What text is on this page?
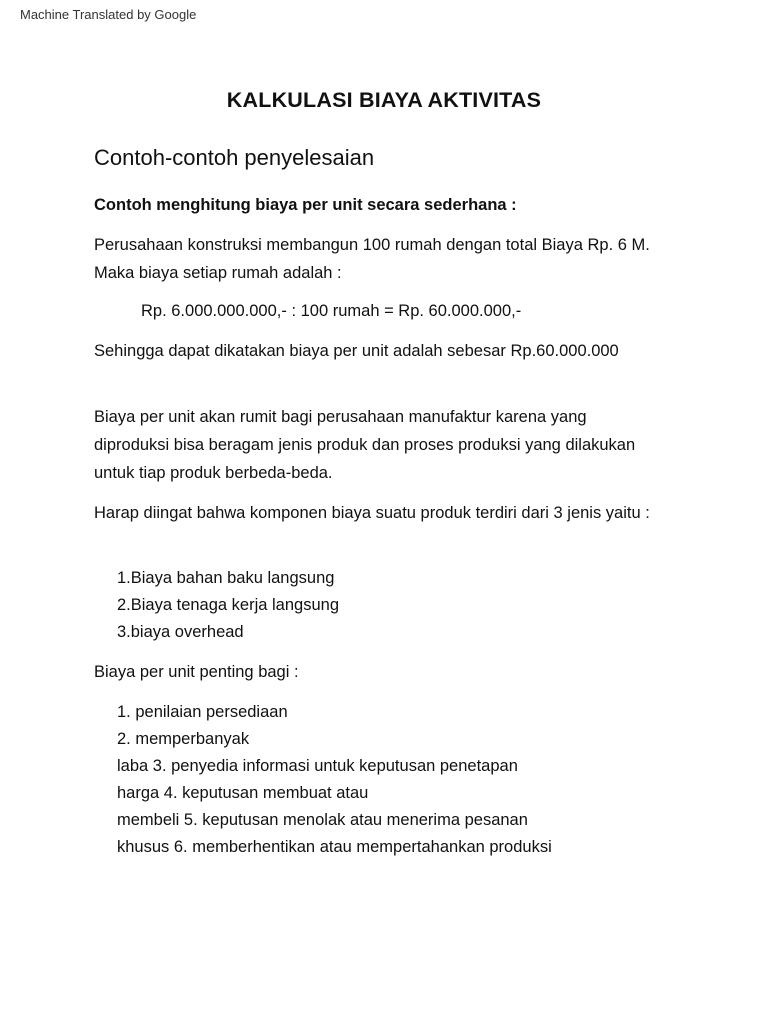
Machine Translated by Google
KALKULASI BIAYA AKTIVITAS
Contoh-contoh penyelesaian
Contoh menghitung biaya per unit secara sederhana :

Perusahaan konstruksi membangun 100 rumah dengan total Biaya Rp. 6 M. Maka biaya setiap rumah adalah :

Rp. 6.000.000.000,- : 100 rumah = Rp. 60.000.000,-
Sehingga dapat dikatakan biaya per unit adalah sebesar Rp.60.000.000

Biaya per unit akan rumit bagi perusahaan manufaktur karena yang diproduksi bisa beragam jenis produk dan proses produksi yang dilakukan untuk tiap produk berbeda-beda.

Harap diingat bahwa komponen biaya suatu produk terdiri dari 3 jenis yaitu :

1.Biaya bahan baku langsung
2.Biaya tenaga kerja langsung
3.biaya overhead
Biaya per unit penting bagi :
1. penilaian persediaan
2. memperbanyak
laba 3. penyedia informasi untuk keputusan penetapan
harga 4. keputusan membuat atau
membeli 5. keputusan menolak atau menerima pesanan
khusus 6. memberhentikan atau mempertahankan produksi
